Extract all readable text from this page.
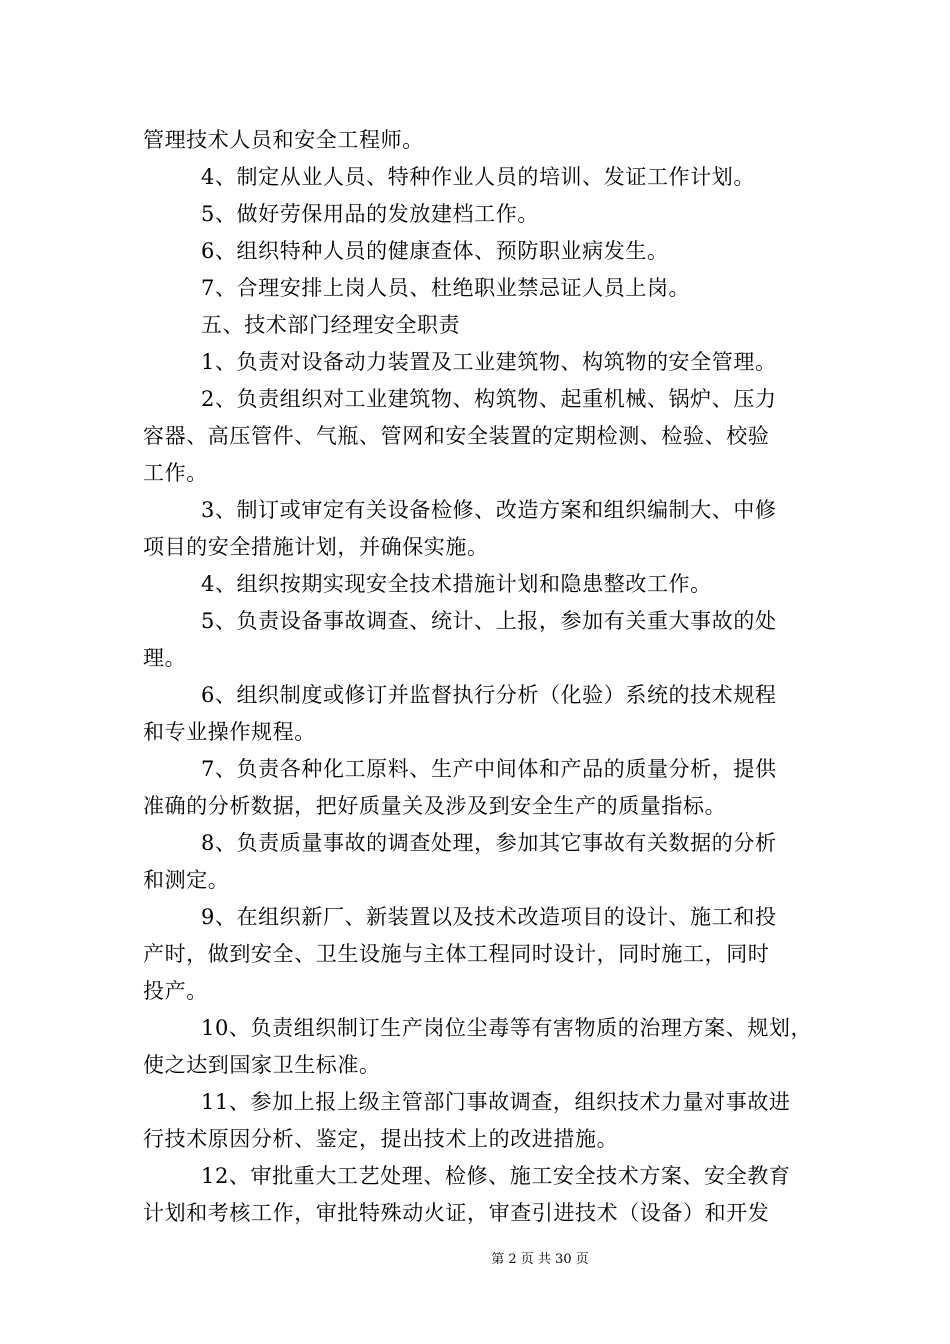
管理技术人员和安全工程师。
4、制定从业人员、特种作业人员的培训、发证工作计划。
5、做好劳保用品的发放建档工作。
6、组织特种人员的健康查体、预防职业病发生。
7、合理安排上岗人员、杜绝职业禁忌证人员上岗。
五、技术部门经理安全职责
1、负责对设备动力装置及工业建筑物、构筑物的安全管理。
2、负责组织对工业建筑物、构筑物、起重机械、锅炉、压力
容器、高压管件、气瓶、管网和安全装置的定期检测、检验、校验
工作。
3、制订或审定有关设备检修、改造方案和组织编制大、中修
项目的安全措施计划，并确保实施。
4、组织按期实现安全技术措施计划和隐患整改工作。
5、负责设备事故调查、统计、上报，参加有关重大事故的处
理。
6、组织制度或修订并监督执行分析（化验）系统的技术规程
和专业操作规程。
7、负责各种化工原料、生产中间体和产品的质量分析，提供
准确的分析数据，把好质量关及涉及到安全生产的质量指标。
8、负责质量事故的调查处理，参加其它事故有关数据的分析
和测定。
9、在组织新厂、新装置以及技术改造项目的设计、施工和投
产时，做到安全、卫生设施与主体工程同时设计，同时施工，同时
投产。
10、负责组织制订生产岗位尘毒等有害物质的治理方案、规划，
使之达到国家卫生标准。
11、参加上报上级主管部门事故调查，组织技术力量对事故进
行技术原因分析、鉴定，提出技术上的改进措施。
12、审批重大工艺处理、检修、施工安全技术方案、安全教育
计划和考核工作，审批特殊动火证，审查引进技术（设备）和开发
第 2 页 共 30 页
